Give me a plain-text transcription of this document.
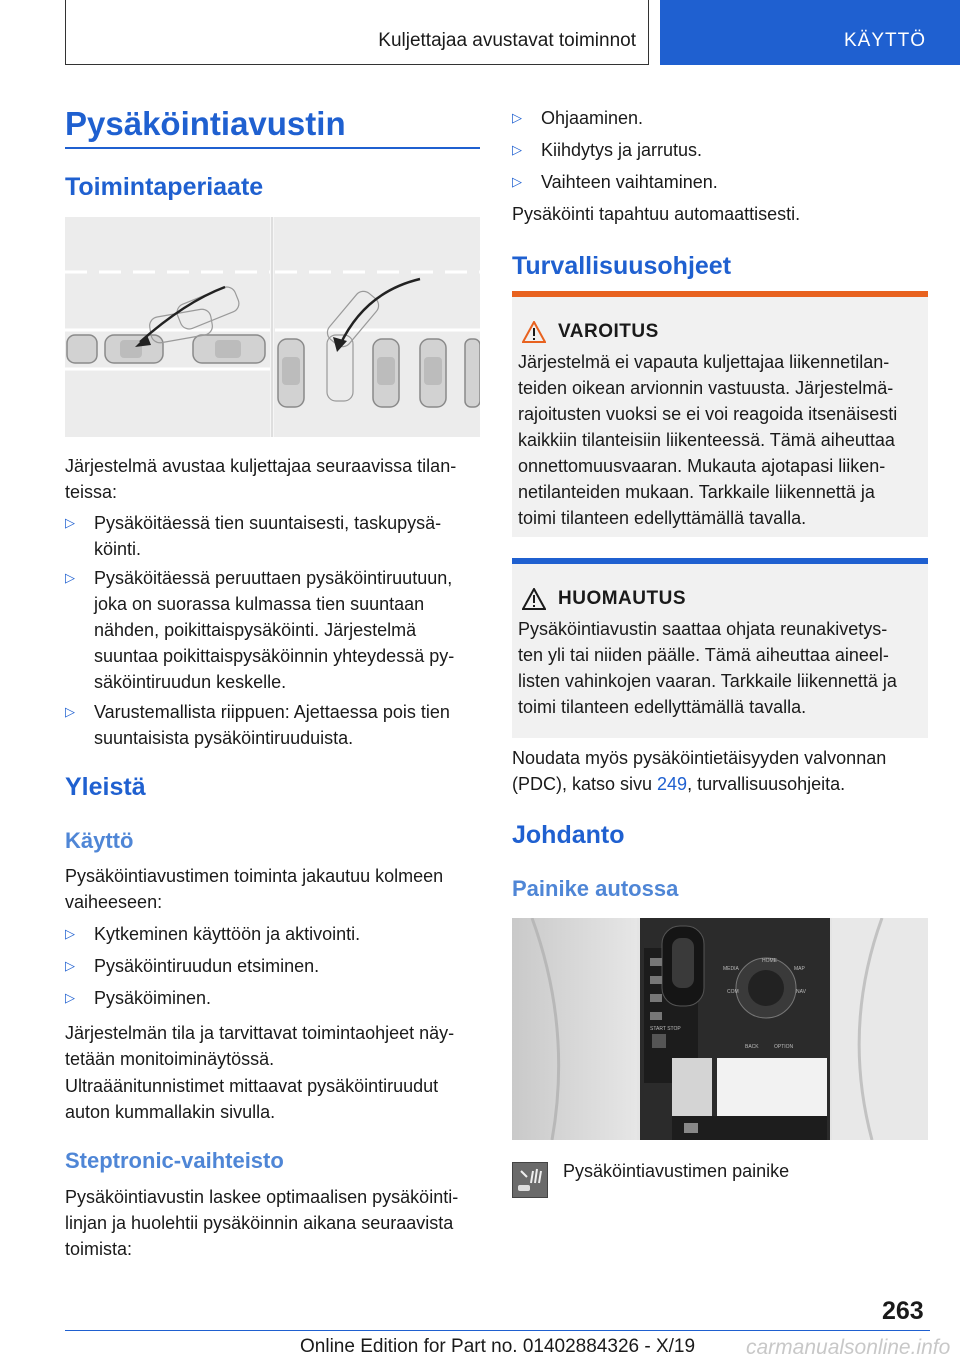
Kuljettajaa avustavat toiminnot	KÄYTTÖ
Pysäköintiavustin
Toimintaperiaate
Järjestelmä avustaa kuljettajaa seuraavissa tilan-
teissa:
▷ Pysäköitäessä tien suuntaisesti, taskupysä-
köinti.
▷ Pysäköitäessä peruuttaen pysäköintiruutuun,
joka on suorassa kulmassa tien suuntaan
nähden, poikittaispysäköinti. Järjestelmä
suuntaa poikittaispysäköinnin yhteydessä py-
säköintiruudun keskelle.
▷ Varustemallista riippuen: Ajettaessa pois tien
suuntaisista pysäköintiruuduista.
Yleistä
Käyttö
Pysäköintiavustimen toiminta jakautuu kolmeen
vaiheeseen:
▷ Kytkeminen käyttöön ja aktivointi.
▷ Pysäköintiruudun etsiminen.
▷ Pysäköiminen.
Järjestelmän tila ja tarvittavat toimintaohjeet näy-
tetään monitoiminäytössä.
Ultraäänitunnistimet mittaavat pysäköintiruudut
auton kummallakin sivulla.
Steptronic-vaihteisto
Pysäköintiavustin laskee optimaalisen pysäköinti-
linjan ja huolehtii pysäköinnin aikana seuraavista
toimista:
▷ Ohjaaminen.
▷ Kiihdytys ja jarrutus.
▷ Vaihteen vaihtaminen.
Pysäköinti tapahtuu automaattisesti.
Turvallisuusohjeet
VAROITUS
Järjestelmä ei vapauta kuljettajaa liikennetilan-
teiden oikean arvionnin vastuusta. Järjestelmä-
rajoitusten vuoksi se ei voi reagoida itsenäisesti
kaikkiin tilanteisiin liikenteessä. Tämä aiheuttaa
onnettomuusvaaran. Mukauta ajotapasi liiken-
netilanteiden mukaan. Tarkkaile liikennettä ja
toimi tilanteen edellyttämällä tavalla.
HUOMAUTUS
Pysäköintiavustin saattaa ohjata reunakivetys-
ten yli tai niiden päälle. Tämä aiheuttaa aineel-
listen vahinkojen vaaran. Tarkkaile liikennettä ja
toimi tilanteen edellyttämällä tavalla.
Noudata myös pysäköintietäisyyden valvonnan
(PDC), katso sivu 249, turvallisuusohjeita.
Johdanto
Painike autossa
START STOP
MEDIA
HOME
MAP
COM	NAV
BACK	OPTION
Pysäköintiavustimen painike
263
Online Edition for Part no. 01402884326 - X/19 carmanualsonline.info
